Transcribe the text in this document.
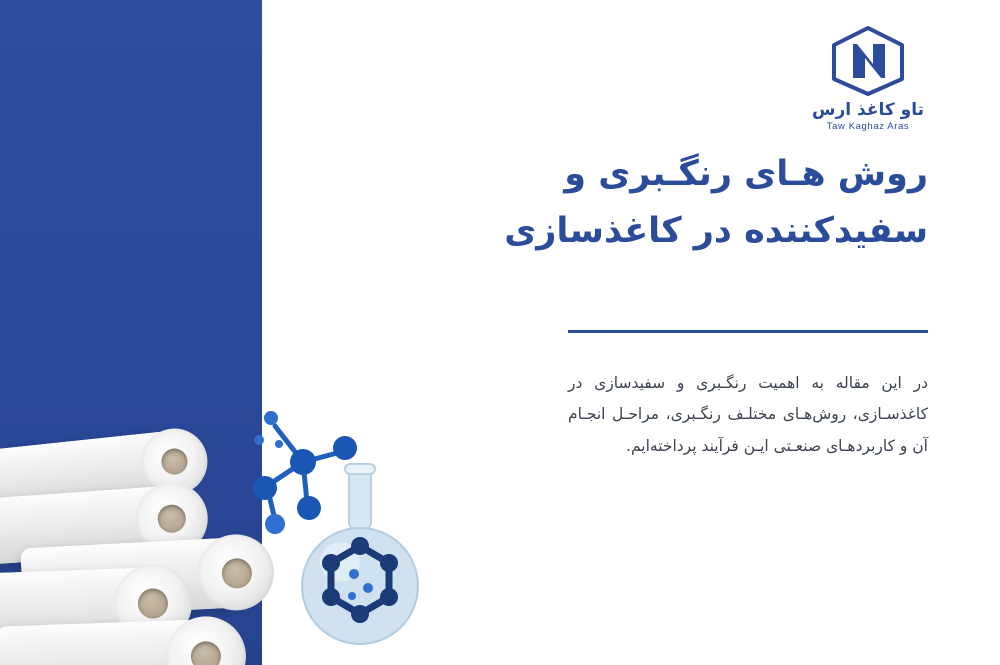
تاو کاغذ ارس
Taw Kaghaz Aras
روش هـای رنگـبری و
سفیدکننده در کاغذسازی

در این مقاله به اهمیت رنگـبری و سفیدسازی در کاغذسـازی، روش‌هـای مختلـف رنگـبری، مراحـل انجـام آن و کاربردهـای صنعـتی ایـن فرآیند پرداخته‌ایم.
